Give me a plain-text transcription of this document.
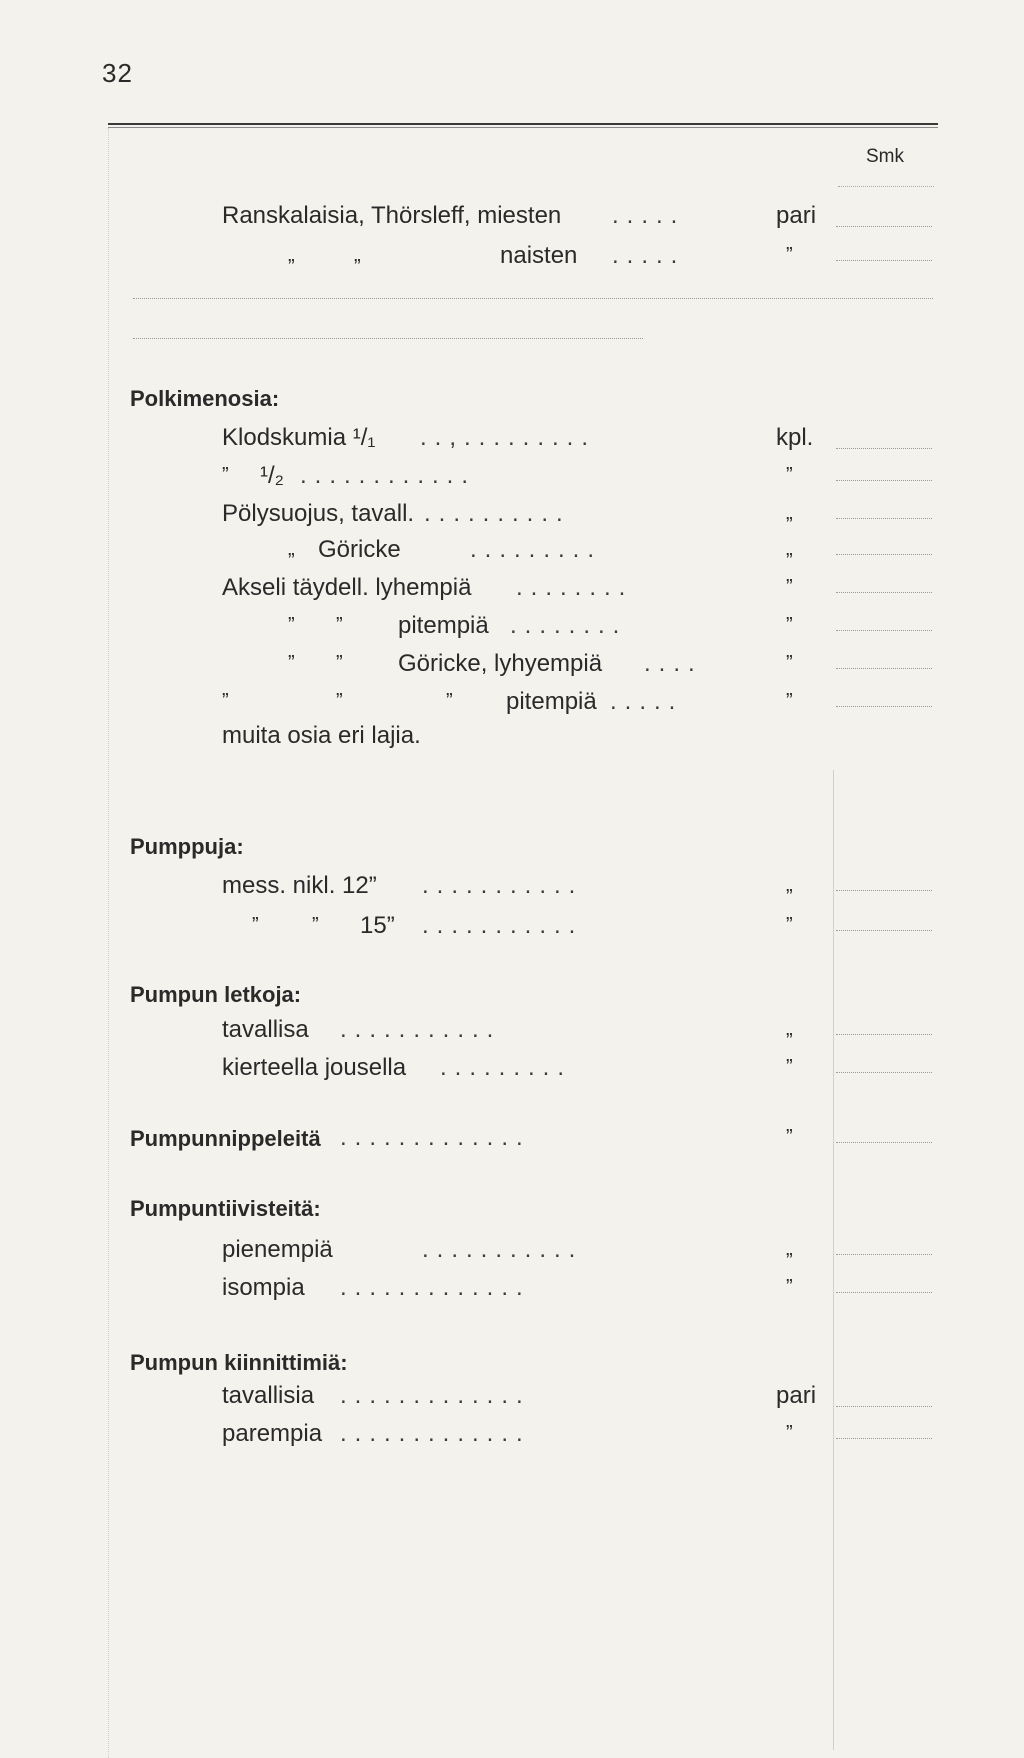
32
Smk
Ranskalaisia, Thörsleff, miesten .....	pari
„	„	naisten .....	”
Polkimenosia:
Klodskumia ¹/₁ ..,.........	kpl.
” ¹/₂ ............	”
Pölysuojus, tavall. ..........	„
„ Göricke	.........	„
Akseli täydell. lyhempiä ........	”
” ” pitempiä ........	”
” ” Göricke, lyhyempiä ....	”
”	”	” pitempiä .....	”
muita osia eri lajia.
Pumppuja:
mess. nikl. 12” ...........	„
”	” 15” ...........	”
Pumpun letkoja:
tavallisa ...........	„
kierteella jousella .........	”
Pumpunnippeleitä .............	”
Pumpuntiivisteitä:
pienempiä	...........	„
isompia .............	”
Pumpun kiinnittimiä:
tavallisia .............	pari
parempia .............	”
